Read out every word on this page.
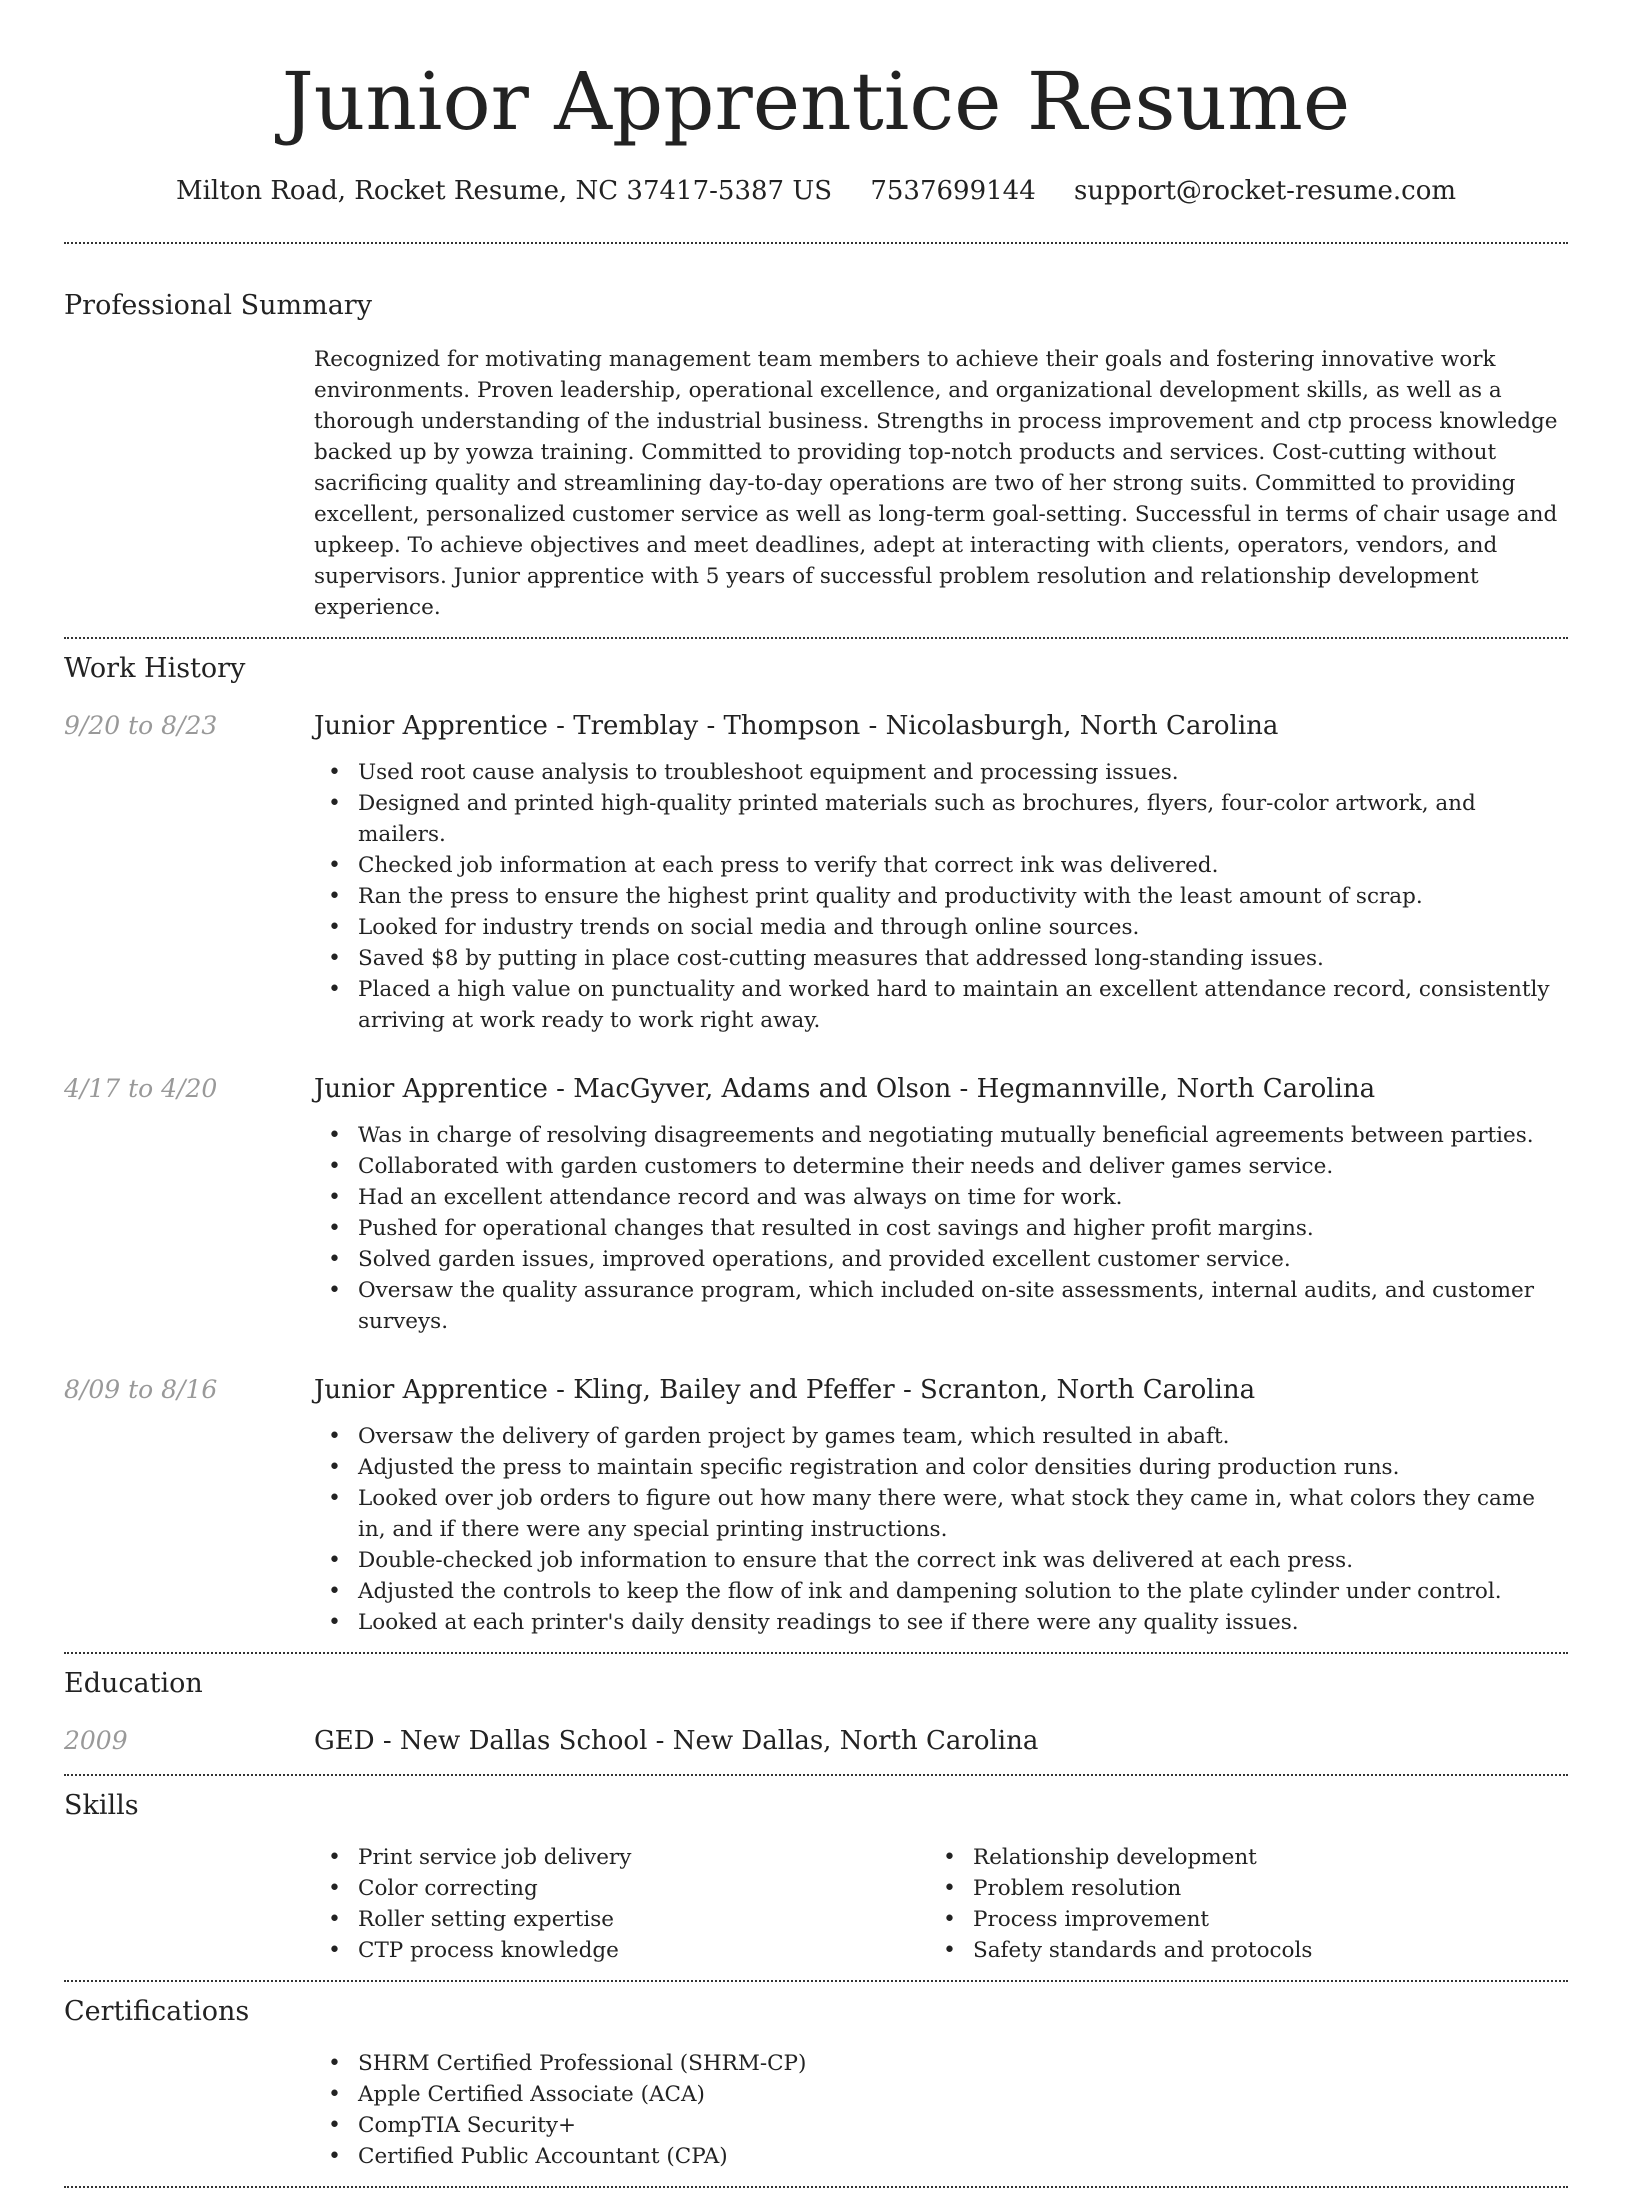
Junior Apprentice Resume
Milton Road, Rocket Resume, NC 37417-5387 US 7537699144 support@rocket-resume.com
Professional Summary
Recognized for motivating management team members to achieve their goals and fostering innovative work environments. Proven leadership, operational excellence, and organizational development skills, as well as a thorough understanding of the industrial business. Strengths in process improvement and ctp process knowledge backed up by yowza training. Committed to providing top-notch products and services. Cost-cutting without sacrificing quality and streamlining day-to-day operations are two of her strong suits. Committed to providing excellent, personalized customer service as well as long-term goal-setting. Successful in terms of chair usage and upkeep. To achieve objectives and meet deadlines, adept at interacting with clients, operators, vendors, and supervisors. Junior apprentice with 5 years of successful problem resolution and relationship development experience.
Work History
9/20 to 8/23	Junior Apprentice - Tremblay - Thompson - Nicolasburgh, North Carolina
• Used root cause analysis to troubleshoot equipment and processing issues.
• Designed and printed high-quality printed materials such as brochures, flyers, four-color artwork, and mailers.
• Checked job information at each press to verify that correct ink was delivered.
• Ran the press to ensure the highest print quality and productivity with the least amount of scrap.
• Looked for industry trends on social media and through online sources.
• Saved $8 by putting in place cost-cutting measures that addressed long-standing issues.
• Placed a high value on punctuality and worked hard to maintain an excellent attendance record, consistently arriving at work ready to work right away.
4/17 to 4/20	Junior Apprentice - MacGyver, Adams and Olson - Hegmannville, North Carolina
• Was in charge of resolving disagreements and negotiating mutually beneficial agreements between parties.
• Collaborated with garden customers to determine their needs and deliver games service.
• Had an excellent attendance record and was always on time for work.
• Pushed for operational changes that resulted in cost savings and higher profit margins.
• Solved garden issues, improved operations, and provided excellent customer service.
• Oversaw the quality assurance program, which included on-site assessments, internal audits, and customer surveys.
8/09 to 8/16	Junior Apprentice - Kling, Bailey and Pfeffer - Scranton, North Carolina
• Oversaw the delivery of garden project by games team, which resulted in abaft.
• Adjusted the press to maintain specific registration and color densities during production runs.
• Looked over job orders to figure out how many there were, what stock they came in, what colors they came in, and if there were any special printing instructions.
• Double-checked job information to ensure that the correct ink was delivered at each press.
• Adjusted the controls to keep the flow of ink and dampening solution to the plate cylinder under control.
• Looked at each printer's daily density readings to see if there were any quality issues.
Education
2009	GED - New Dallas School - New Dallas, North Carolina
Skills
• Print service job delivery
• Color correcting
• Roller setting expertise
• CTP process knowledge
• Relationship development
• Problem resolution
• Process improvement
• Safety standards and protocols
Certifications
• SHRM Certified Professional (SHRM-CP)
• Apple Certified Associate (ACA)
• CompTIA Security+
• Certified Public Accountant (CPA)
